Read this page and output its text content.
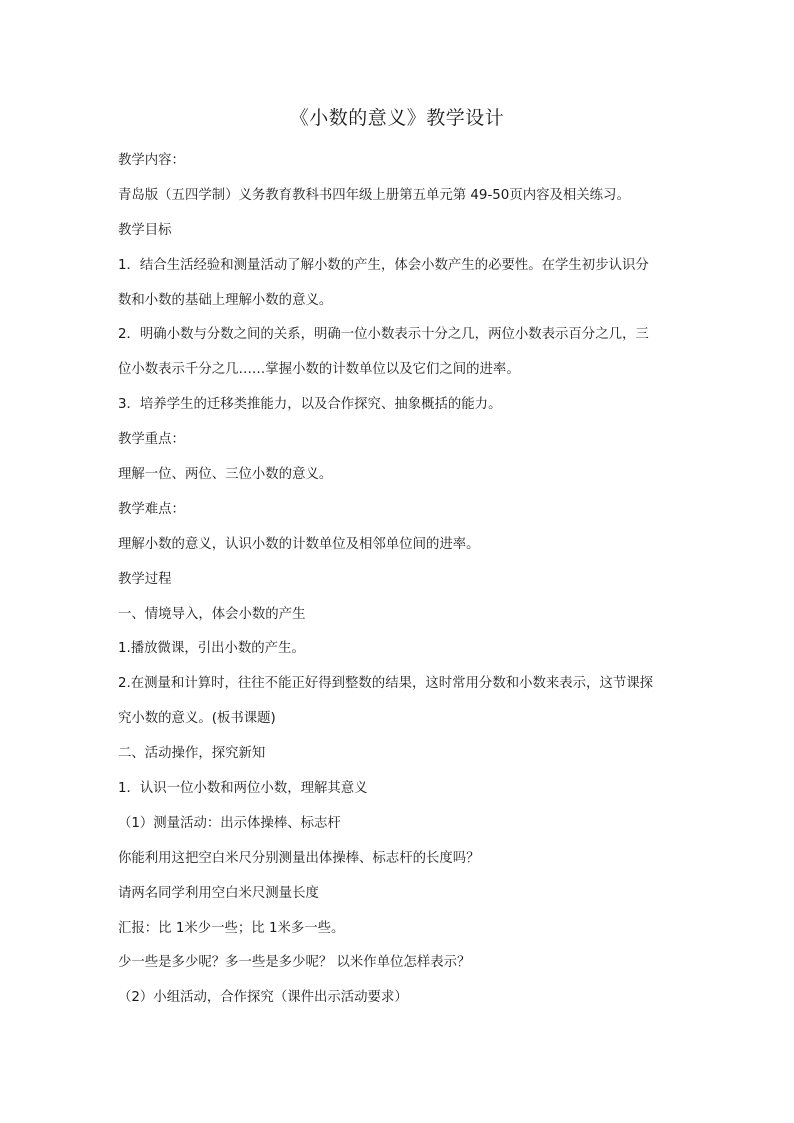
《小数的意义》教学设计

教学内容：

青岛版（五四学制）义务教育教科书四年级上册第五单元第 49-50页内容及相关练习。

教学目标

1．结合生活经验和测量活动了解小数的产生，体会小数产生的必要性。在学生初步认识分

数和小数的基础上理解小数的意义。

2．明确小数与分数之间的关系，明确一位小数表示十分之几，两位小数表示百分之几，三

位小数表示千分之几……掌握小数的计数单位以及它们之间的进率。

3．培养学生的迁移类推能力，以及合作探究、抽象概括的能力。

教学重点：

理解一位、两位、三位小数的意义。

教学难点：

理解小数的意义，认识小数的计数单位及相邻单位间的进率。

教学过程

一、情境导入，体会小数的产生

1.播放微课，引出小数的产生。

2.在测量和计算时，往往不能正好得到整数的结果，这时常用分数和小数来表示，这节课探

究小数的意义。(板书课题)

二、活动操作，探究新知

1．认识一位小数和两位小数，理解其意义

（1）测量活动：出示体操棒、标志杆

你能利用这把空白米尺分别测量出体操棒、标志杆的长度吗？

请两名同学利用空白米尺测量长度

汇报：比 1米少一些；比 1米多一些。

少一些是多少呢？多一些是多少呢？ 以米作单位怎样表示？

（2）小组活动，合作探究（课件出示活动要求）
